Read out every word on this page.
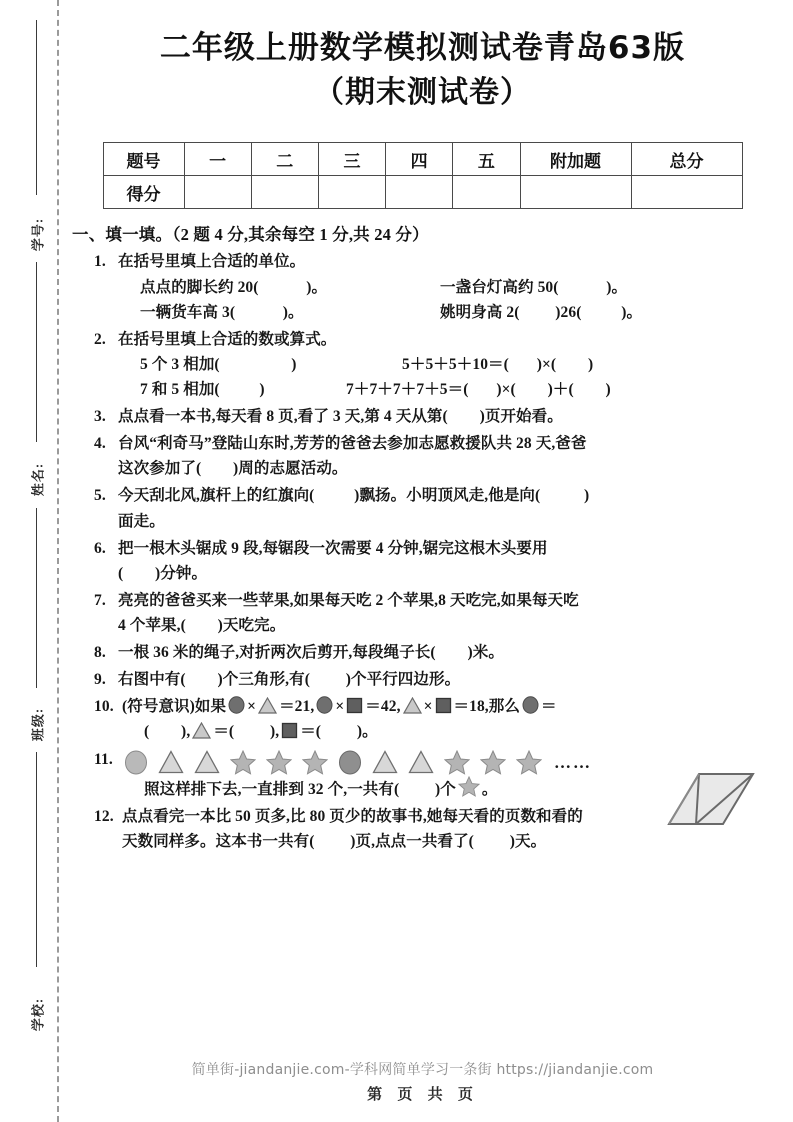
学号:
姓名:
班级:
学校:
二年级上册数学模拟测试卷青岛63版
（期末测试卷）
题号	一	二	三	四	五	附加题	总分
得分							
一、填一填。（2 题 4 分,其余每空 1 分,共 24 分）
1. 在括号里填上合适的单位。
点点的脚长约 20(            )。	一盏台灯高约 50(            )。
一辆货车高 3(            )。	姚明身高 2(         )26(          )。
2. 在括号里填上合适的数或算式。
5 个 3 相加(                  )	5＋5＋5＋10＝(       )×(        )
7 和 5 相加(          )	7＋7＋7＋7＋5＝(       )×(        )＋(        )
3. 点点看一本书,每天看 8 页,看了 3 天,第 4 天从第(        )页开始看。
4. 台风“利奇马”登陆山东时,芳芳的爸爸去参加志愿救援队共 28 天,爸爸
这次参加了(        )周的志愿活动。
5. 今天刮北风,旗杆上的红旗向(          )飘扬。小明顶风走,他是向(           )
面走。
6. 把一根木头锯成 9 段,每锯段一次需要 4 分钟,锯完这根木头要用
(        )分钟。
7. 亮亮的爸爸买来一些苹果,如果每天吃 2 个苹果,8 天吃完,如果每天吃
4 个苹果,(        )天吃完。
8. 一根 36 米的绳子,对折两次后剪开,每段绳子长(        )米。
9. 右图中有(        )个三角形,有(         )个平行四边形。
10. (符号意识)如果 × ＝21, × ＝42, × ＝18,那么 ＝
(        ), ＝(         ), ＝(         )。
11.	……
照这样排下去,一直排到 32 个,一共有(         )个 。
12. 点点看完一本比 50 页多,比 80 页少的故事书,她每天看的页数和看的
天数同样多。这本书一共有(         )页,点点一共看了(         )天。
简单街-jiandanjie.com-学科网简单学习一条街 https://jiandanjie.com
第 页 共 页
